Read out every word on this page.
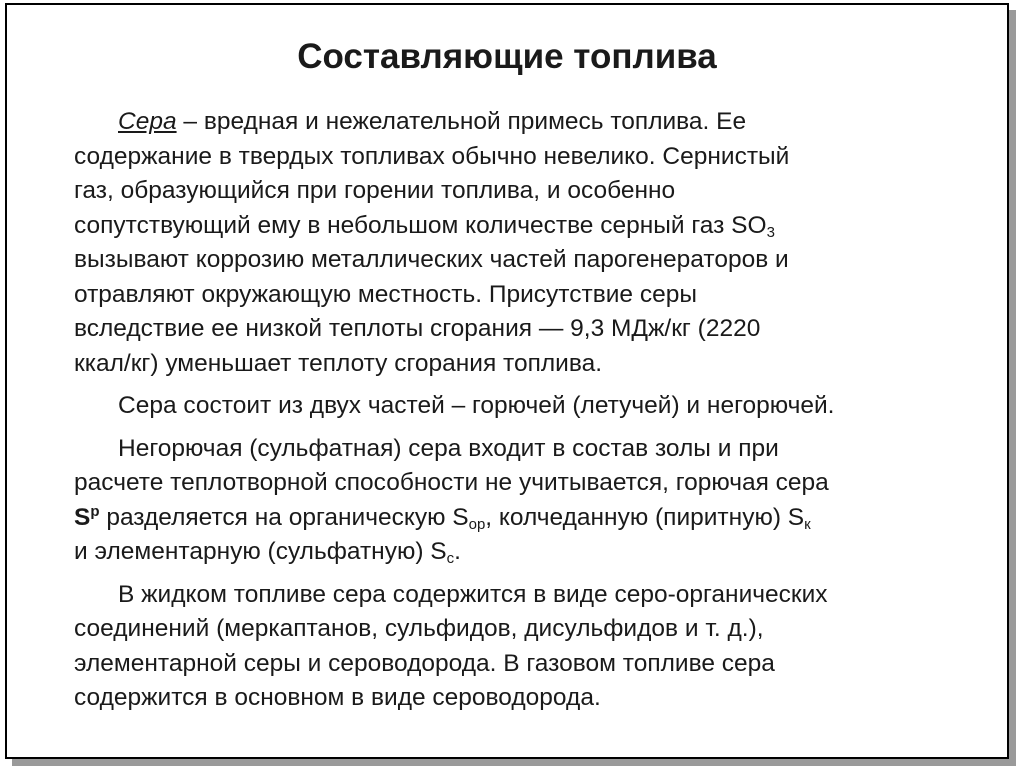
Составляющие топлива

Сера – вредная и нежелательной примесь топлива. Ее
содержание в твердых топливах обычно невелико. Сернистый
газ, образующийся при горении топлива, и особенно
сопутствующий ему в небольшом количестве серный газ $SO_3$
вызывают коррозию металлических частей парогенераторов и
отравляют окружающую местность. Присутствие серы
вследствие ее низкой теплоты сгорания — 9,3 МДж/кг (2220
ккал/кг) уменьшает теплоту сгорания топлива.

Сера состоит из двух частей – горючей (летучей) и негорючей.

Негорючая (сульфатная) сера входит в состав золы и при
расчете теплотворной способности не учитывается, горючая сера
$S^p$ разделяется на органическую $S_{ор}$, колчеданную (пиритную) $S_к$
и элементарную (сульфатную) $S_с$.

В жидком топливе сера содержится в виде серо-органических
соединений (меркаптанов, сульфидов, дисульфидов и т. д.),
элементарной серы и сероводорода. В газовом топливе сера
содержится в основном в виде сероводорода.
